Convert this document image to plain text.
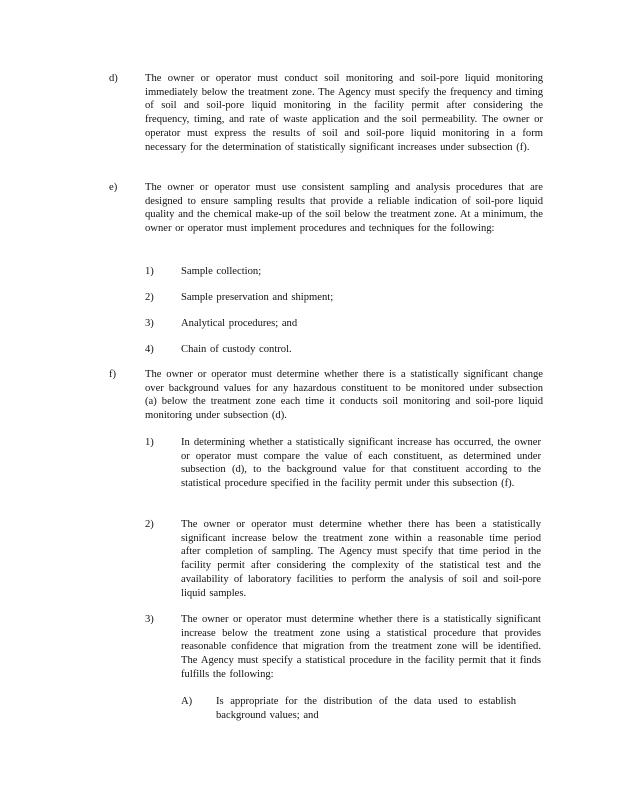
d)	The owner or operator must conduct soil monitoring and soil-pore liquid monitoring immediately below the treatment zone. The Agency must specify the frequency and timing of soil and soil-pore liquid monitoring in the facility permit after considering the frequency, timing, and rate of waste application and the soil permeability. The owner or operator must express the results of soil and soil-pore liquid monitoring in a form necessary for the determination of statistically significant increases under subsection (f).

e)	The owner or operator must use consistent sampling and analysis procedures that are designed to ensure sampling results that provide a reliable indication of soil-pore liquid quality and the chemical make-up of the soil below the treatment zone. At a minimum, the owner or operator must implement procedures and techniques for the following:

1)	Sample collection;

2)	Sample preservation and shipment;

3)	Analytical procedures; and

4)	Chain of custody control.

f)	The owner or operator must determine whether there is a statistically significant change over background values for any hazardous constituent to be monitored under subsection (a) below the treatment zone each time it conducts soil monitoring and soil-pore liquid monitoring under subsection (d).

1)	In determining whether a statistically significant increase has occurred, the owner or operator must compare the value of each constituent, as determined under subsection (d), to the background value for that constituent according to the statistical procedure specified in the facility permit under this subsection (f).

2)	The owner or operator must determine whether there has been a statistically significant increase below the treatment zone within a reasonable time period after completion of sampling. The Agency must specify that time period in the facility permit after considering the complexity of the statistical test and the availability of laboratory facilities to perform the analysis of soil and soil-pore liquid samples.

3)	The owner or operator must determine whether there is a statistically significant increase below the treatment zone using a statistical procedure that provides reasonable confidence that migration from the treatment zone will be identified. The Agency must specify a statistical procedure in the facility permit that it finds fulfills the following:

A) Is appropriate for the distribution of the data used to establish background values; and
